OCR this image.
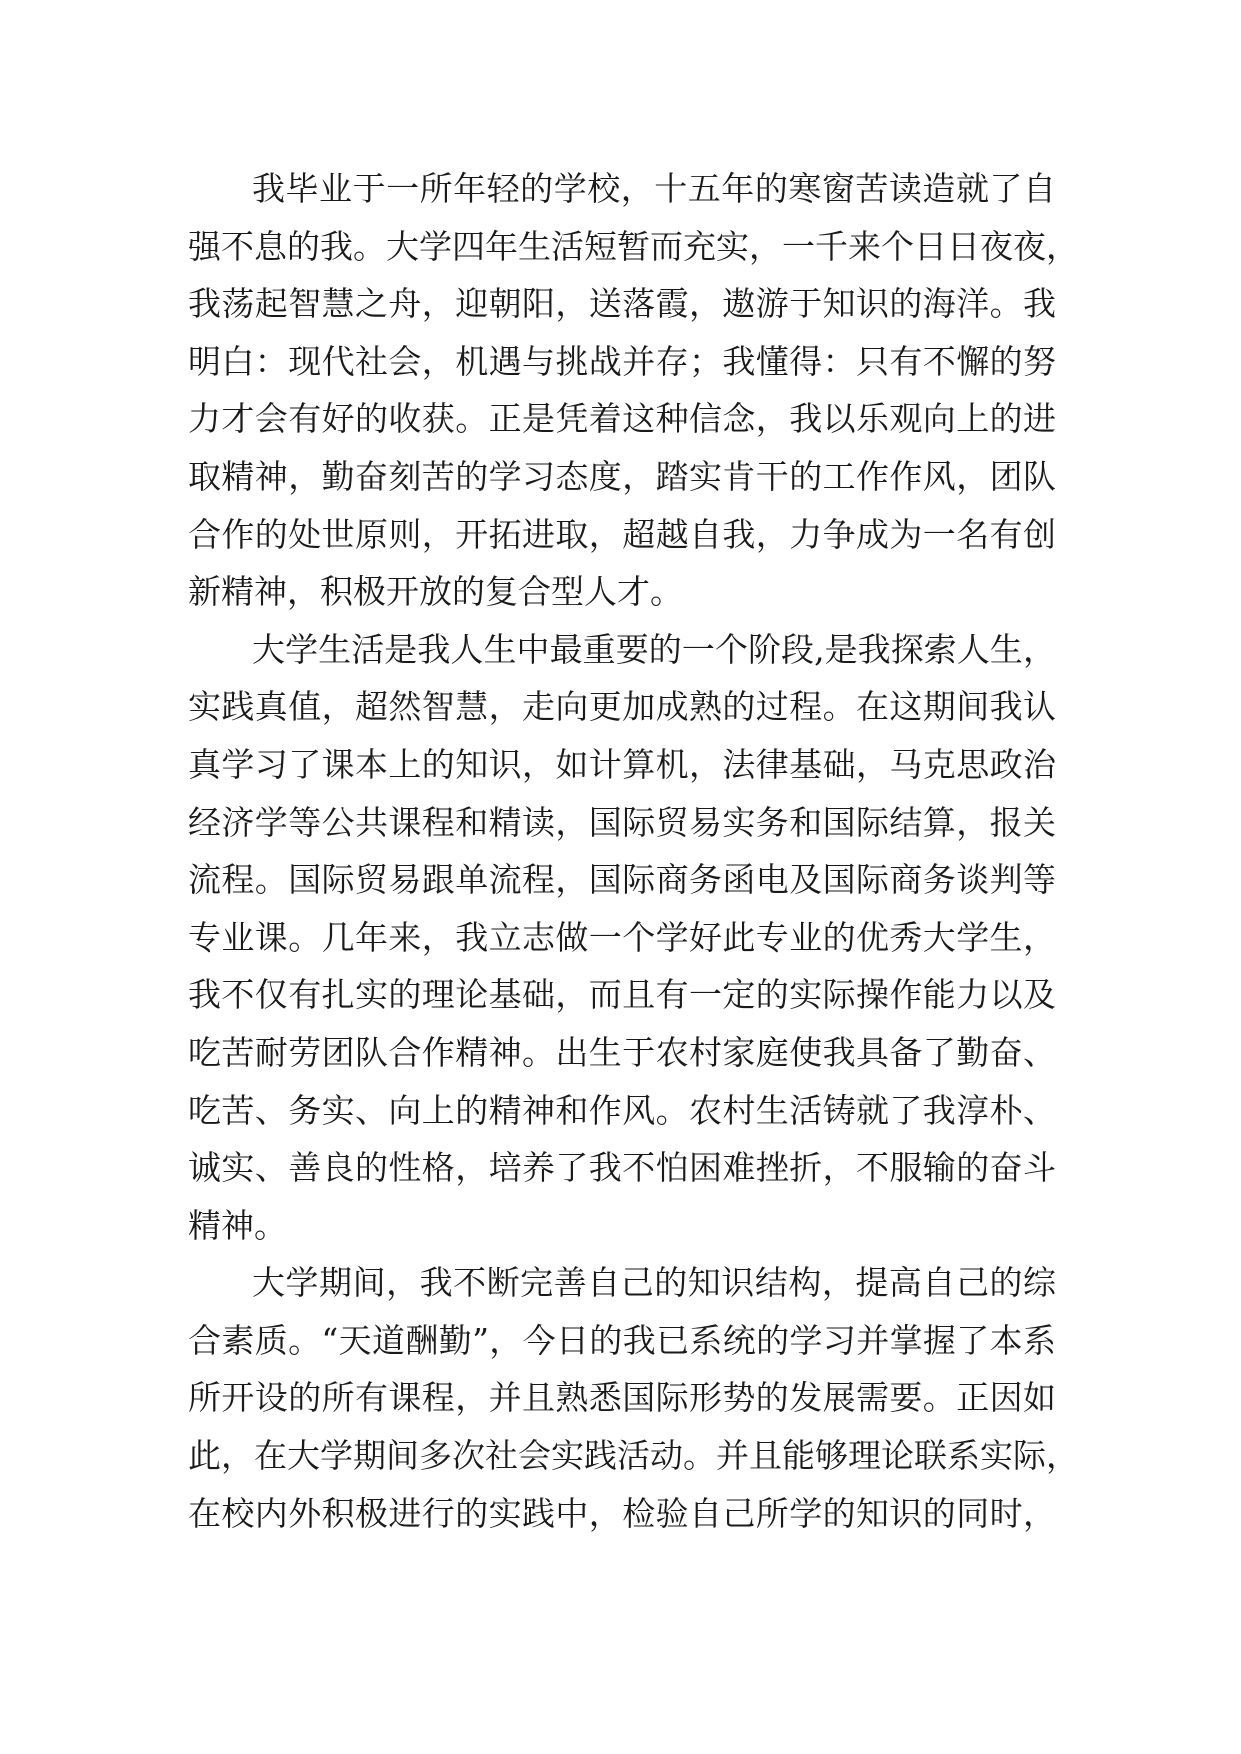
我毕业于一所年轻的学校，十五年的寒窗苦读造就了自
强不息的我。大学四年生活短暂而充实，一千来个日日夜夜，
我荡起智慧之舟，迎朝阳，送落霞，遨游于知识的海洋。我
明白：现代社会，机遇与挑战并存；我懂得：只有不懈的努
力才会有好的收获。正是凭着这种信念，我以乐观向上的进
取精神，勤奋刻苦的学习态度，踏实肯干的工作作风，团队
合作的处世原则，开拓进取，超越自我，力争成为一名有创
新精神，积极开放的复合型人才。

大学生活是我人生中最重要的一个阶段,是我探索人生，
实践真值，超然智慧，走向更加成熟的过程。在这期间我认
真学习了课本上的知识，如计算机，法律基础，马克思政治
经济学等公共课程和精读，国际贸易实务和国际结算，报关
流程。国际贸易跟单流程，国际商务函电及国际商务谈判等
专业课。几年来，我立志做一个学好此专业的优秀大学生，
我不仅有扎实的理论基础，而且有一定的实际操作能力以及
吃苦耐劳团队合作精神。出生于农村家庭使我具备了勤奋、
吃苦、务实、向上的精神和作风。农村生活铸就了我淳朴、
诚实、善良的性格，培养了我不怕困难挫折，不服输的奋斗
精神。

大学期间，我不断完善自己的知识结构，提高自己的综
合素质。“天道酬勤”，今日的我已系统的学习并掌握了本系
所开设的所有课程，并且熟悉国际形势的发展需要。正因如
此，在大学期间多次社会实践活动。并且能够理论联系实际，
在校内外积极进行的实践中，检验自己所学的知识的同时，
